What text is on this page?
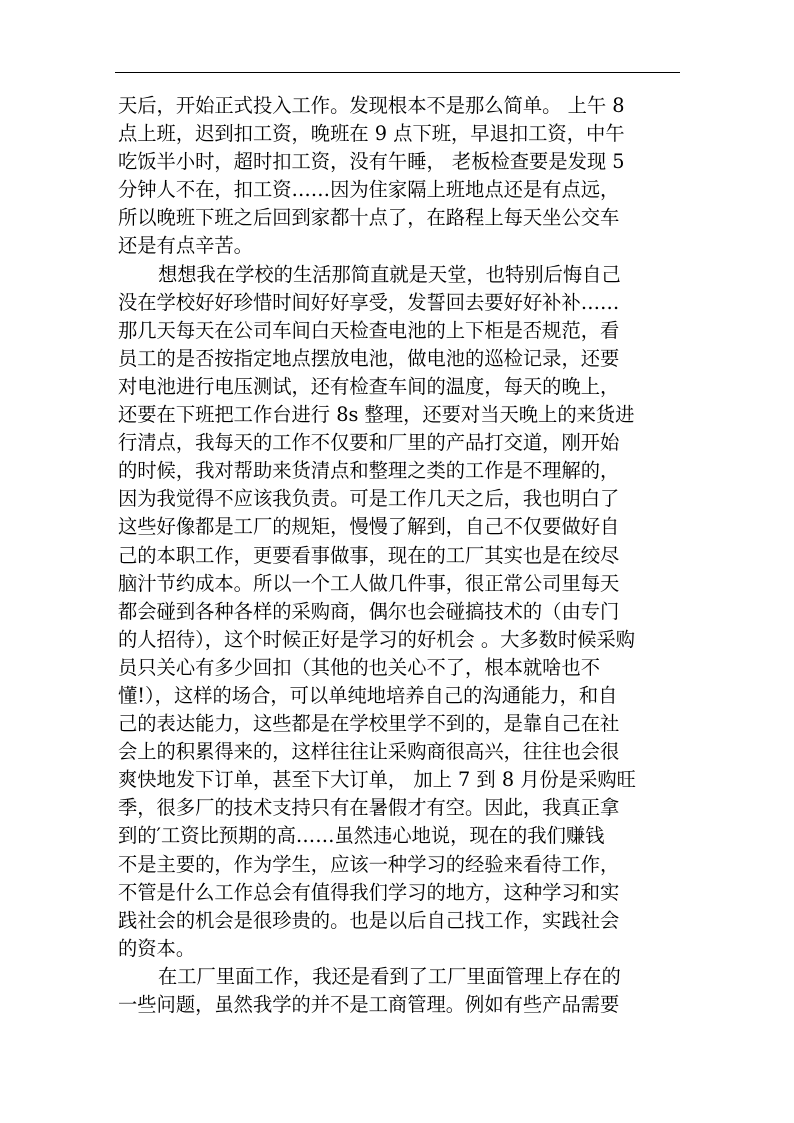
天后，开始正式投入工作。发现根本不是那么简单。 上午 8
点上班，迟到扣工资，晚班在 9 点下班，早退扣工资，中午
吃饭半小时，超时扣工资，没有午睡， 老板检查要是发现 5
分钟人不在，扣工资……因为住家隔上班地点还是有点远，
所以晚班下班之后回到家都十点了，在路程上每天坐公交车
还是有点辛苦。
想想我在学校的生活那简直就是天堂，也特别后悔自己
没在学校好好珍惜时间好好享受，发誓回去要好好补补……
那几天每天在公司车间白天检查电池的上下柜是否规范，看
员工的是否按指定地点摆放电池，做电池的巡检记录，还要
对电池进行电压测试，还有检查车间的温度，每天的晚上，
还要在下班把工作台进行 8s 整理，还要对当天晚上的来货进
行清点，我每天的工作不仅要和厂里的产品打交道，刚开始
的时候，我对帮助来货清点和整理之类的工作是不理解的，
因为我觉得不应该我负责。可是工作几天之后，我也明白了
这些好像都是工厂的规矩，慢慢了解到，自己不仅要做好自
己的本职工作，更要看事做事，现在的工厂其实也是在绞尽
脑汁节约成本。所以一个工人做几件事，很正常公司里每天
都会碰到各种各样的采购商，偶尔也会碰搞技术的（由专门
的人招待），这个时候正好是学习的好机会 。大多数时候采购
员只关心有多少回扣（其他的也关心不了，根本就啥也不
懂!），这样的场合，可以单纯地培养自己的沟通能力，和自
己的表达能力，这些都是在学校里学不到的，是靠自己在社
会上的积累得来的，这样往往让采购商很高兴，往往也会很
爽快地发下订单，甚至下大订单， 加上 7 到 8 月份是采购旺
季，很多厂的技术支持只有在暑假才有空。因此，我真正拿
到的′工资比预期的高……虽然违心地说，现在的我们赚钱
不是主要的，作为学生，应该一种学习的经验来看待工作，
不管是什么工作总会有值得我们学习的地方，这种学习和实
践社会的机会是很珍贵的。也是以后自己找工作，实践社会
的资本。
在工厂里面工作，我还是看到了工厂里面管理上存在的
一些问题，虽然我学的并不是工商管理。例如有些产品需要
